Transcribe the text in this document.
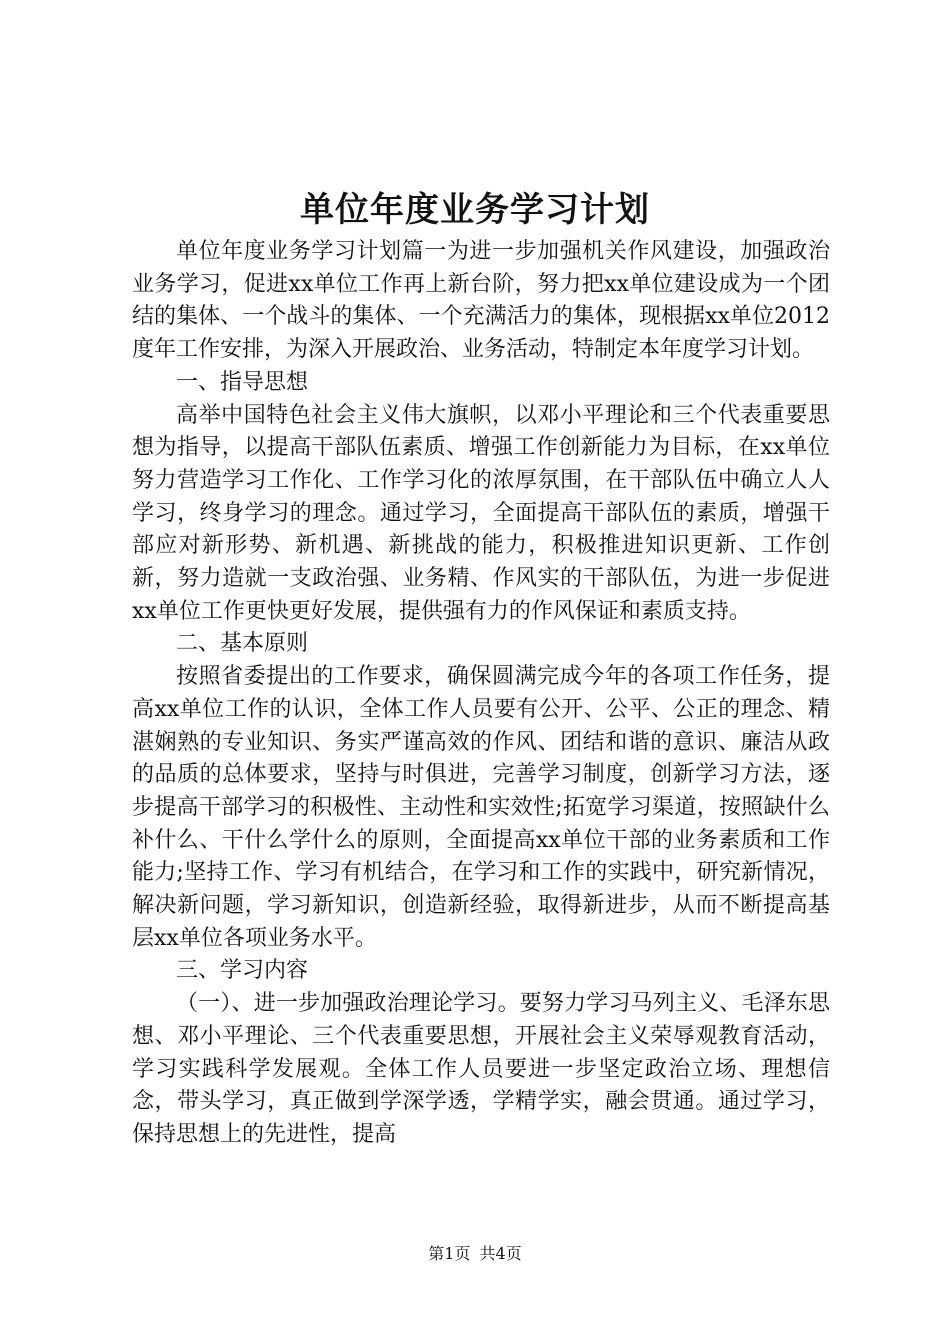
单位年度业务学习计划

单位年度业务学习计划篇一为进一步加强机关作风建设，加强政治业务学习，促进xx单位工作再上新台阶，努力把xx单位建设成为一个团结的集体、一个战斗的集体、一个充满活力的集体，现根据xx单位2012度年工作安排，为深入开展政治、业务活动，特制定本年度学习计划。

一、指导思想

高举中国特色社会主义伟大旗帜，以邓小平理论和三个代表重要思想为指导，以提高干部队伍素质、增强工作创新能力为目标，在xx单位努力营造学习工作化、工作学习化的浓厚氛围，在干部队伍中确立人人学习，终身学习的理念。通过学习，全面提高干部队伍的素质，增强干部应对新形势、新机遇、新挑战的能力，积极推进知识更新、工作创新，努力造就一支政治强、业务精、作风实的干部队伍，为进一步促进xx单位工作更快更好发展，提供强有力的作风保证和素质支持。

二、基本原则

按照省委提出的工作要求，确保圆满完成今年的各项工作任务，提高xx单位工作的认识，全体工作人员要有公开、公平、公正的理念、精湛娴熟的专业知识、务实严谨高效的作风、团结和谐的意识、廉洁从政的品质的总体要求，坚持与时俱进，完善学习制度，创新学习方法，逐步提高干部学习的积极性、主动性和实效性;拓宽学习渠道，按照缺什么补什么、干什么学什么的原则，全面提高xx单位干部的业务素质和工作能力;坚持工作、学习有机结合，在学习和工作的实践中，研究新情况，解决新问题，学习新知识，创造新经验，取得新进步，从而不断提高基层xx单位各项业务水平。

三、学习内容

（一）、进一步加强政治理论学习。要努力学习马列主义、毛泽东思想、邓小平理论、三个代表重要思想，开展社会主义荣辱观教育活动，学习实践科学发展观。全体工作人员要进一步坚定政治立场、理想信念，带头学习，真正做到学深学透，学精学实，融会贯通。通过学习，保持思想上的先进性，提高

第1页 共4页
